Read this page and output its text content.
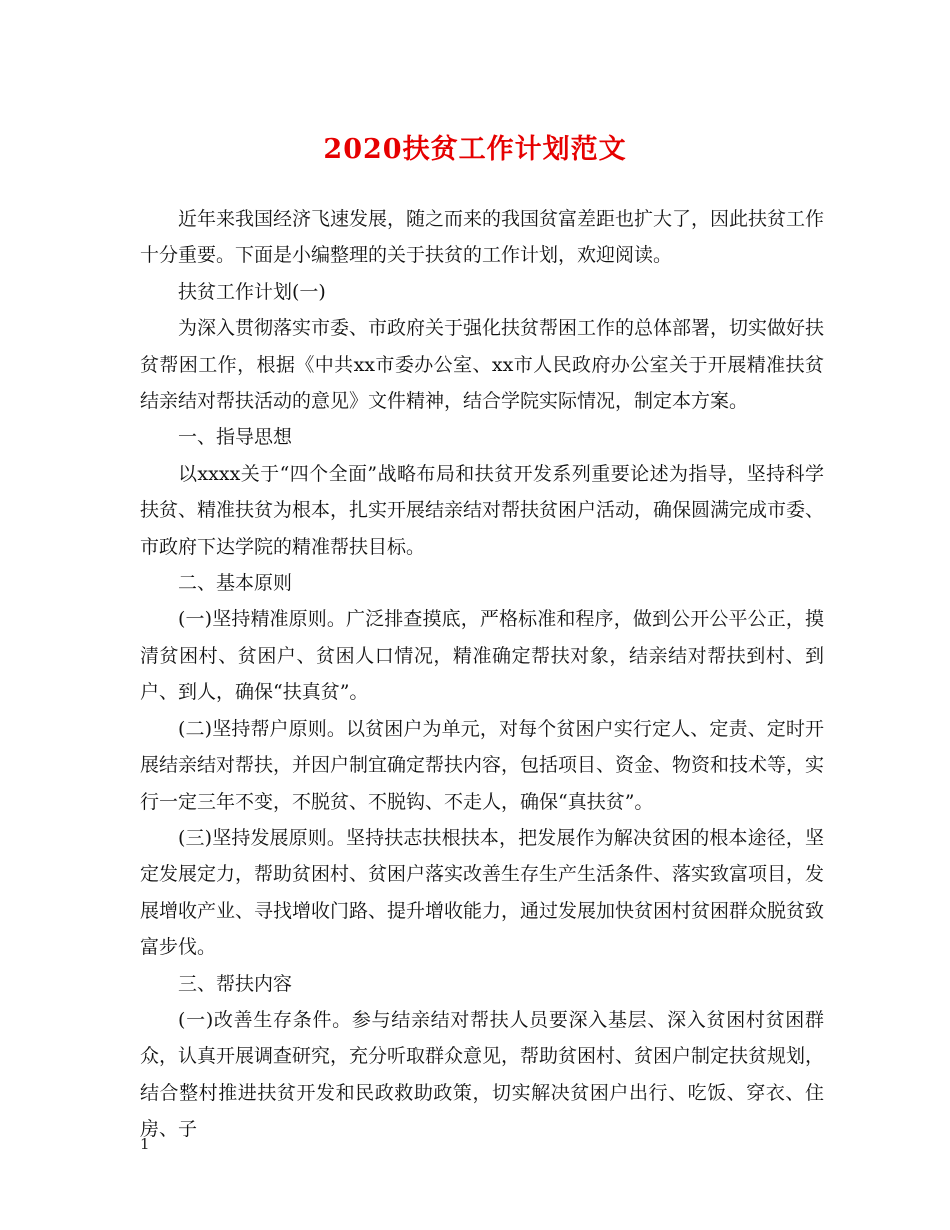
2020扶贫工作计划范文

近年来我国经济飞速发展，随之而来的我国贫富差距也扩大了，因此扶贫工作十分重要。下面是小编整理的关于扶贫的工作计划，欢迎阅读。

扶贫工作计划(一)

为深入贯彻落实市委、市政府关于强化扶贫帮困工作的总体部署，切实做好扶贫帮困工作，根据《中共xx市委办公室、xx市人民政府办公室关于开展精准扶贫结亲结对帮扶活动的意见》文件精神，结合学院实际情况，制定本方案。

一、指导思想

以xxxx关于“四个全面”战略布局和扶贫开发系列重要论述为指导，坚持科学扶贫、精准扶贫为根本，扎实开展结亲结对帮扶贫困户活动，确保圆满完成市委、市政府下达学院的精准帮扶目标。

二、基本原则

(一)坚持精准原则。广泛排查摸底，严格标准和程序，做到公开公平公正，摸清贫困村、贫困户、贫困人口情况，精准确定帮扶对象，结亲结对帮扶到村、到户、到人，确保“扶真贫”。

(二)坚持帮户原则。以贫困户为单元，对每个贫困户实行定人、定责、定时开展结亲结对帮扶，并因户制宜确定帮扶内容，包括项目、资金、物资和技术等，实行一定三年不变，不脱贫、不脱钩、不走人，确保“真扶贫”。

(三)坚持发展原则。坚持扶志扶根扶本，把发展作为解决贫困的根本途径，坚定发展定力，帮助贫困村、贫困户落实改善生存生产生活条件、落实致富项目，发展增收产业、寻找增收门路、提升增收能力，通过发展加快贫困村贫困群众脱贫致富步伐。

三、帮扶内容

(一)改善生存条件。参与结亲结对帮扶人员要深入基层、深入贫困村贫困群众，认真开展调查研究，充分听取群众意见，帮助贫困村、贫困户制定扶贫规划，结合整村推进扶贫开发和民政救助政策，切实解决贫困户出行、吃饭、穿衣、住房、子

1
